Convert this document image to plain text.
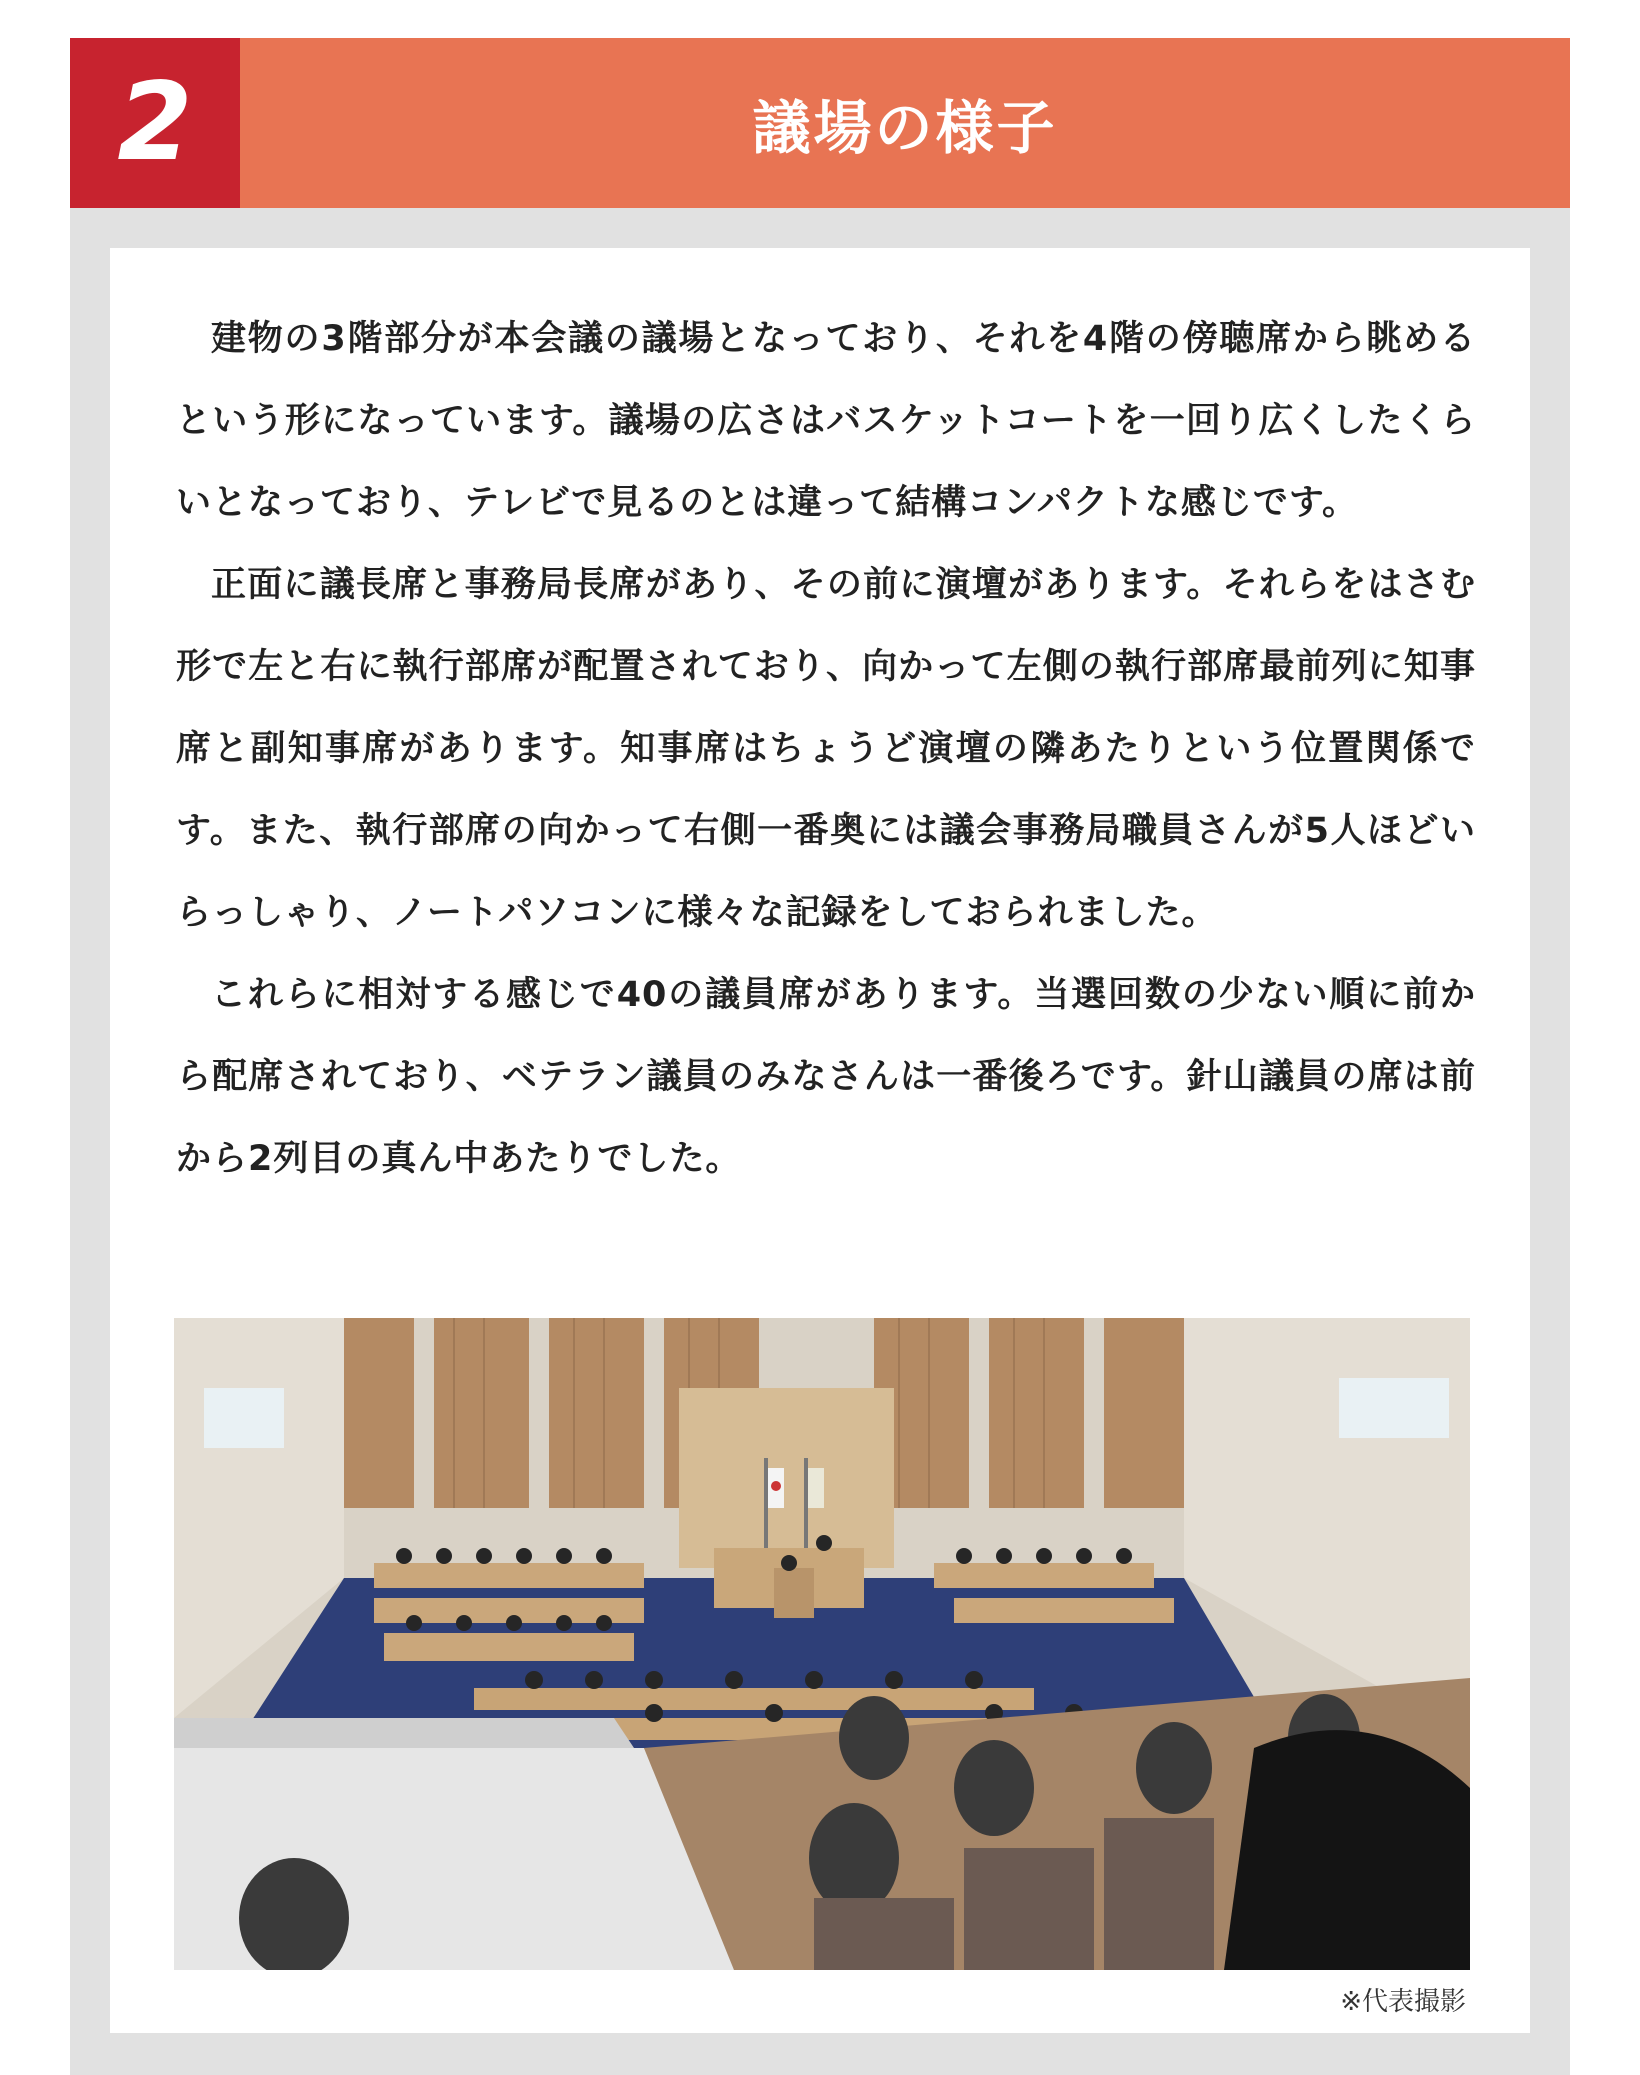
2	議場の様子

建物の3階部分が本会議の議場となっており、それを4階の傍聴席から眺めるという形になっています。議場の広さはバスケットコートを一回り広くしたくらいとなっており、テレビで見るのとは違って結構コンパクトな感じです。

正面に議長席と事務局長席があり、その前に演壇があります。それらをはさむ形で左と右に執行部席が配置されており、向かって左側の執行部席最前列に知事席と副知事席があります。知事席はちょうど演壇の隣あたりという位置関係です。また、執行部席の向かって右側一番奥には議会事務局職員さんが5人ほどいらっしゃり、ノートパソコンに様々な記録をしておられました。

これらに相対する感じで40の議員席があります。当選回数の少ない順に前から配席されており、ベテラン議員のみなさんは一番後ろです。針山議員の席は前から2列目の真ん中あたりでした。

※代表撮影
